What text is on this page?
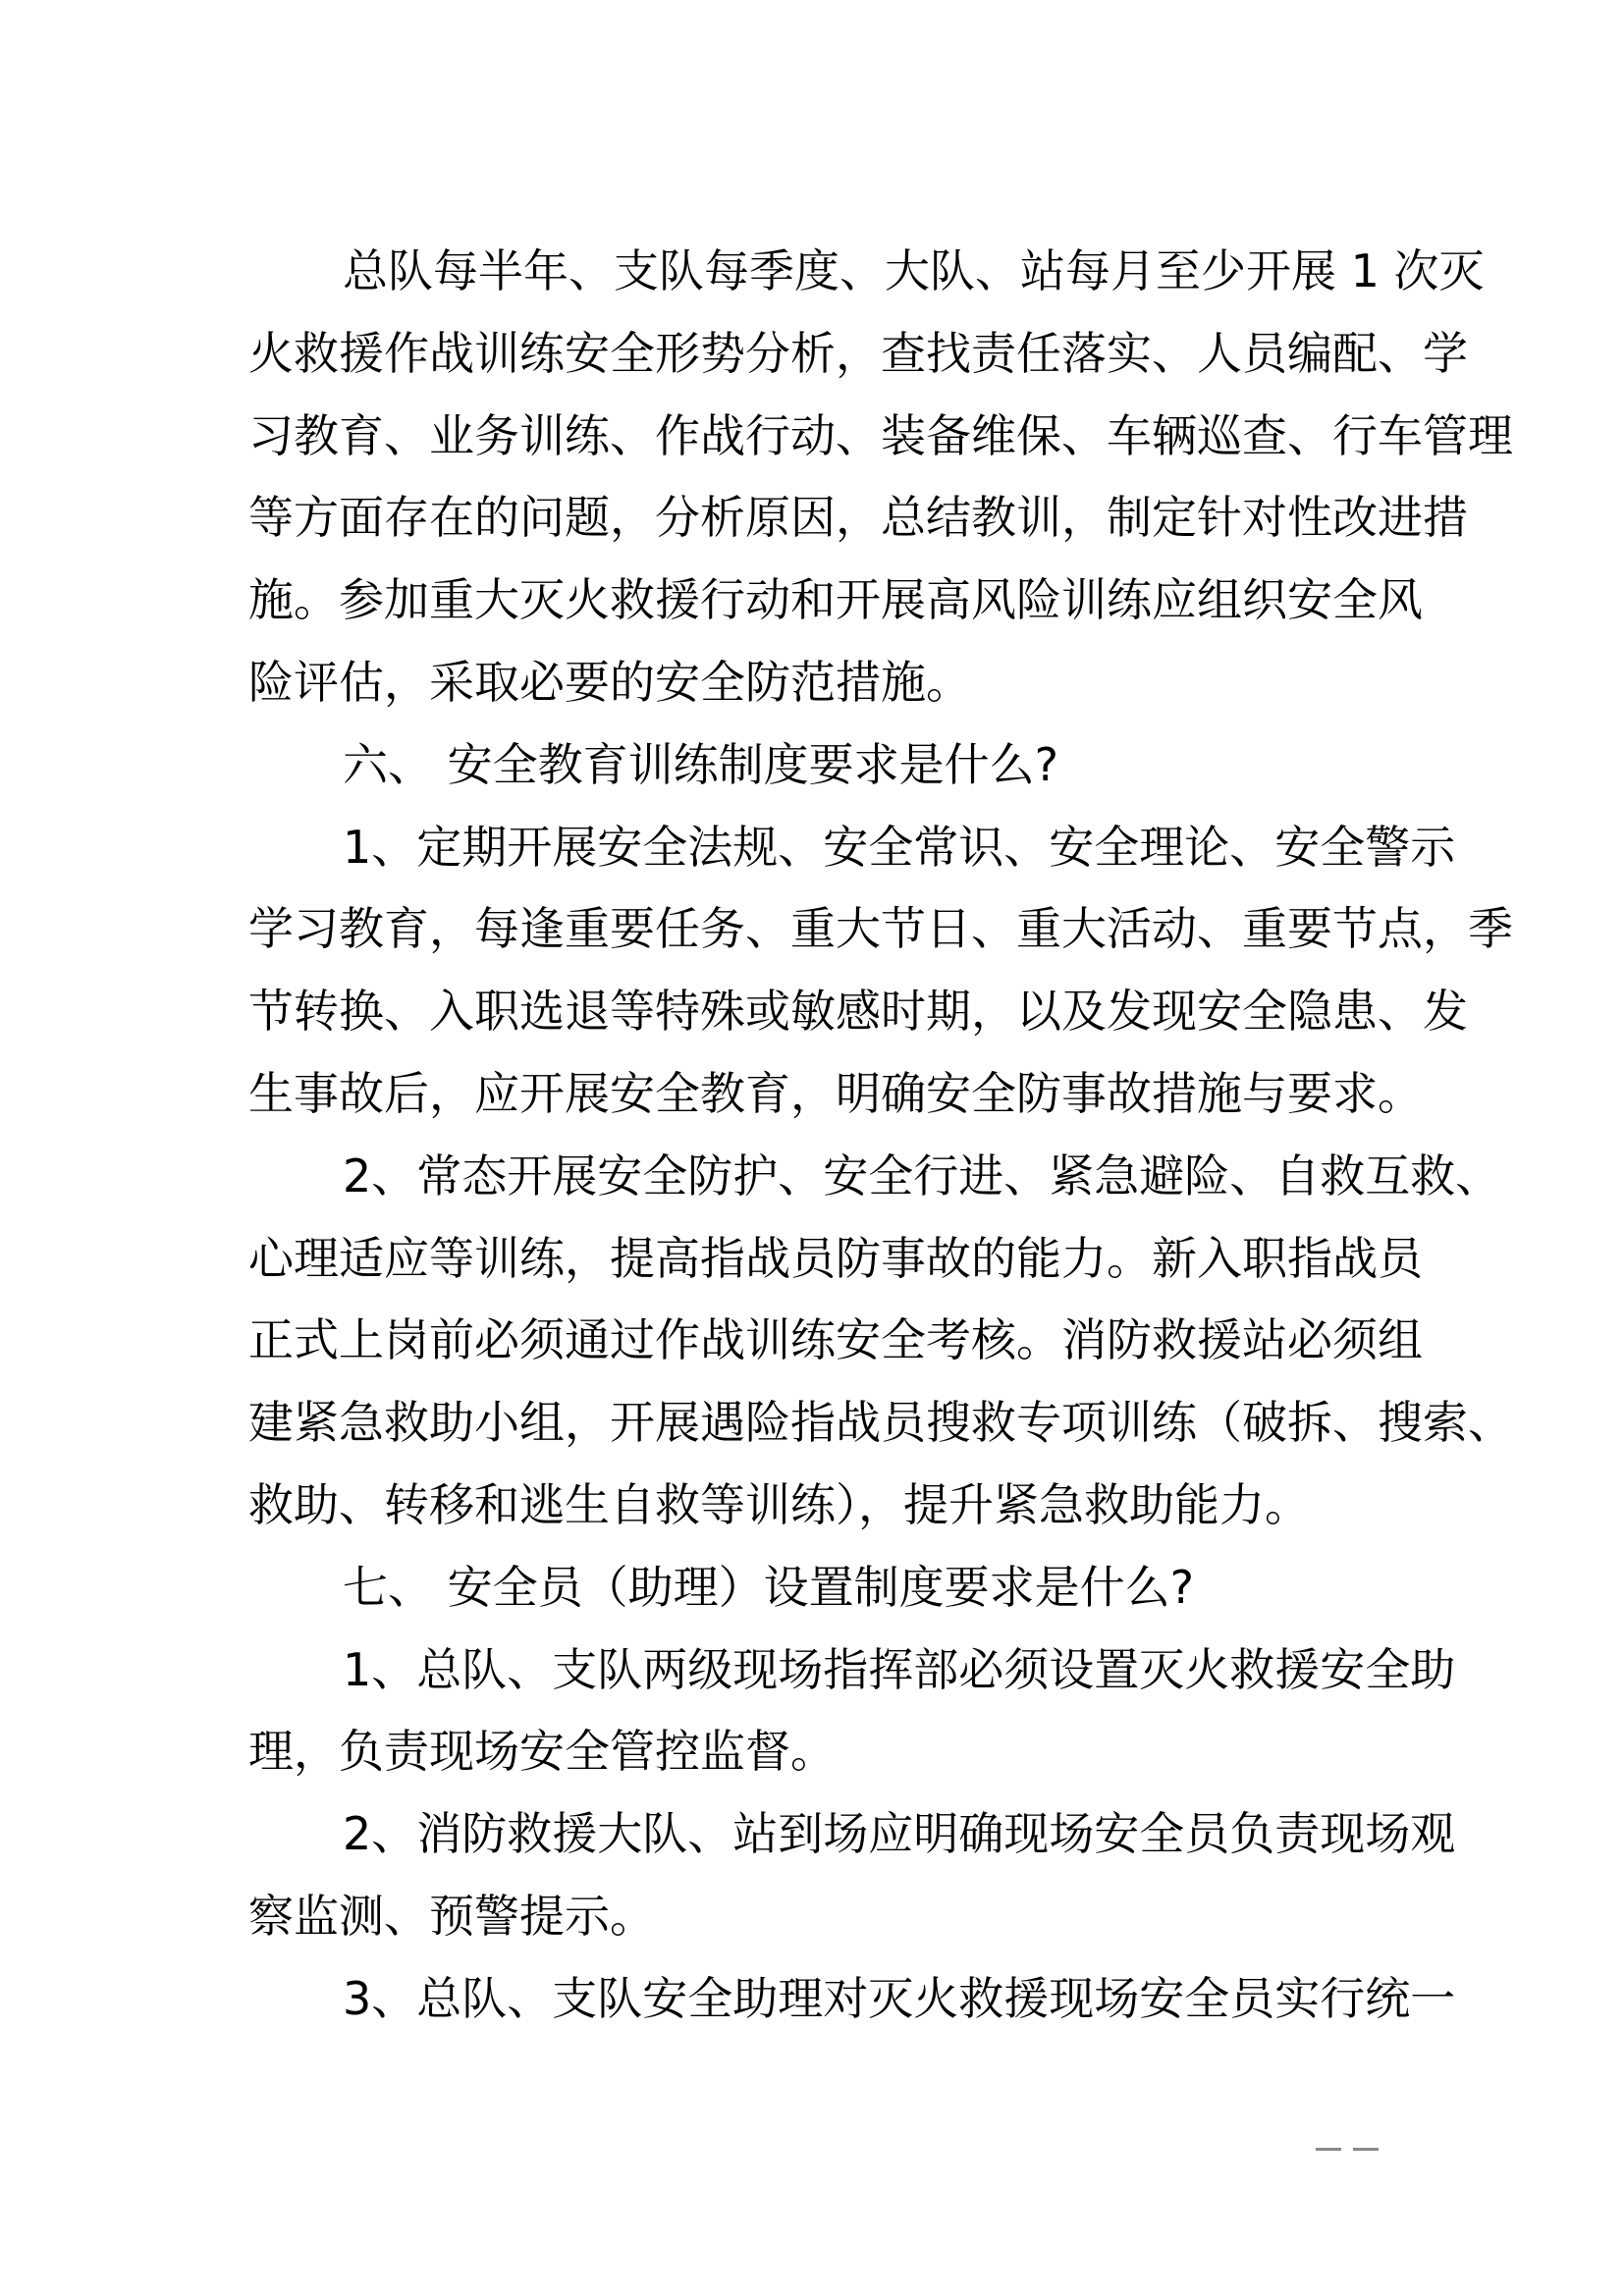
总队每半年、支队每季度、大队、站每月至少开展 1 次灭
火救援作战训练安全形势分析，查找责任落实、人员编配、学
习教育、业务训练、作战行动、装备维保、车辆巡查、行车管理
等方面存在的问题，分析原因，总结教训，制定针对性改进措
施。参加重大灭火救援行动和开展高风险训练应组织安全风
险评估，采取必要的安全防范措施。
六、 安全教育训练制度要求是什么?
1、定期开展安全法规、安全常识、安全理论、安全警示
学习教育，每逢重要任务、重大节日、重大活动、重要节点，季
节转换、入职选退等特殊或敏感时期，以及发现安全隐患、发
生事故后，应开展安全教育，明确安全防事故措施与要求。
2、常态开展安全防护、安全行进、紧急避险、自救互救、
心理适应等训练，提高指战员防事故的能力。新入职指战员
正式上岗前必须通过作战训练安全考核。消防救援站必须组
建紧急救助小组，开展遇险指战员搜救专项训练（破拆、搜索、
救助、转移和逃生自救等训练），提升紧急救助能力。
七、 安全员（助理）设置制度要求是什么?
1、总队、支队两级现场指挥部必须设置灭火救援安全助
理，负责现场安全管控监督。
2、消防救援大队、站到场应明确现场安全员负责现场观
察监测、预警提示。
3、总队、支队安全助理对灭火救援现场安全员实行统一
